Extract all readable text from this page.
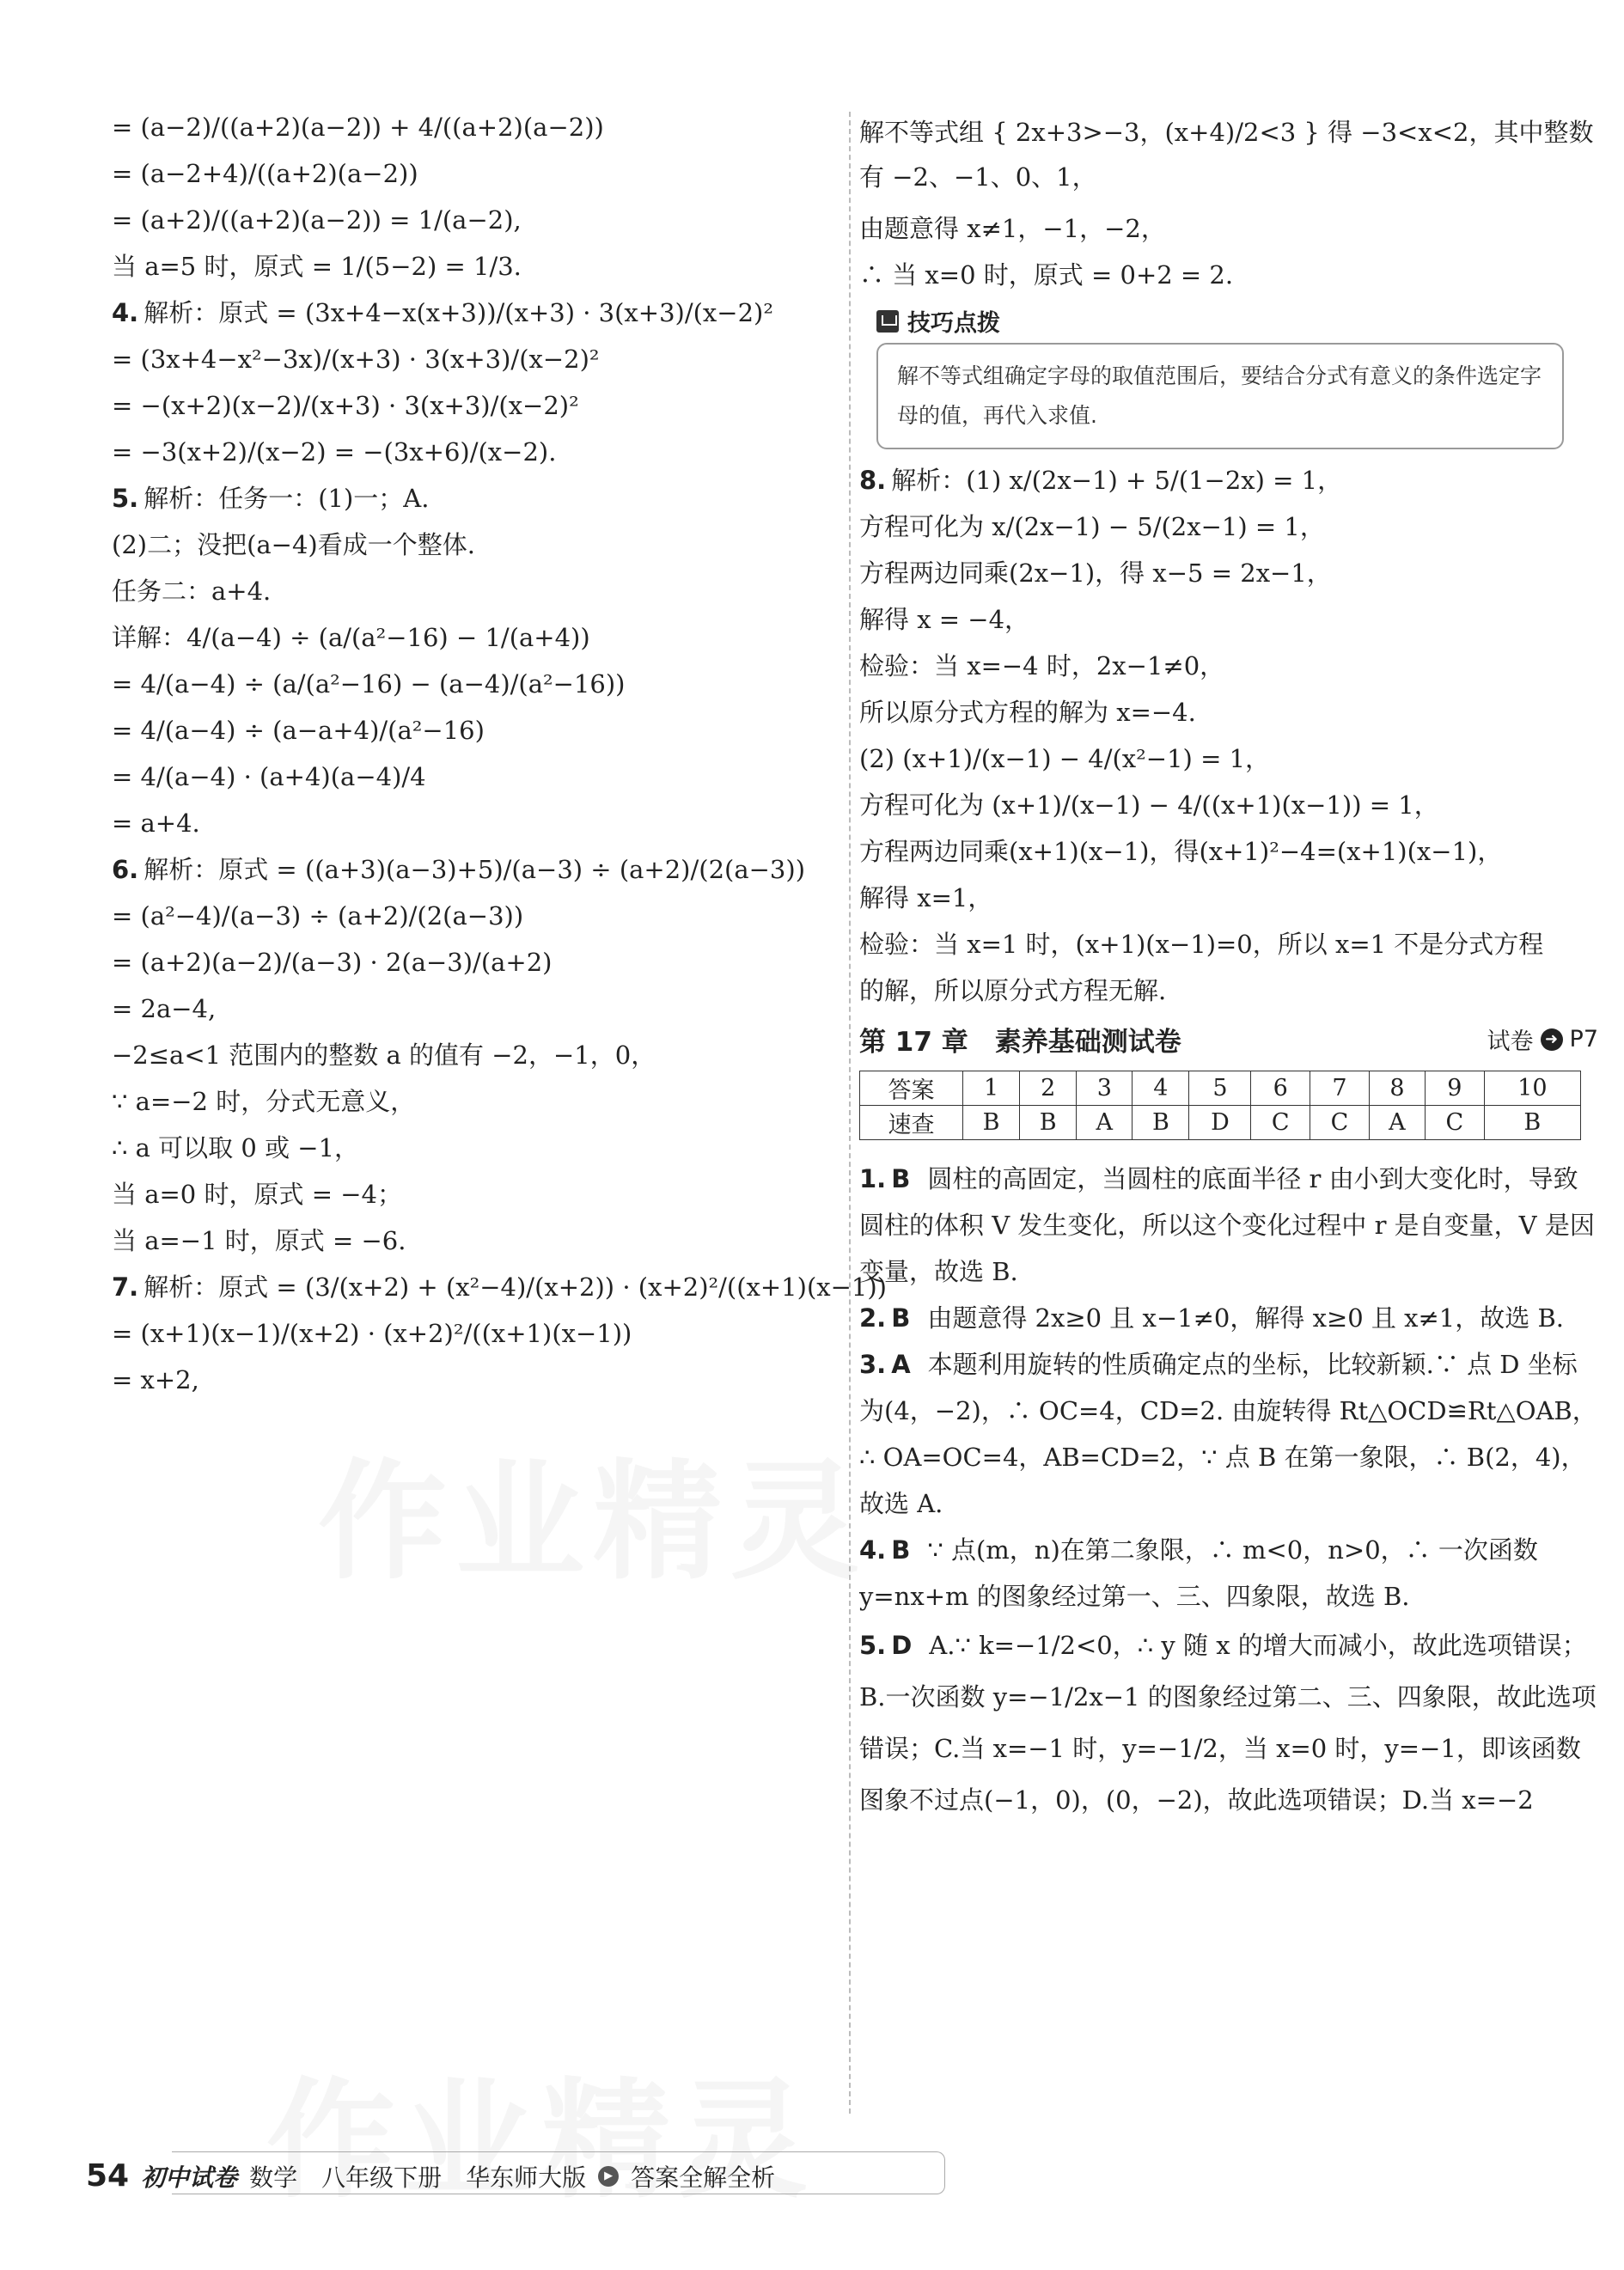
= (a−2)/((a+2)(a−2)) + 4/((a+2)(a−2))
= (a−2+4)/((a+2)(a−2))
= (a+2)/((a+2)(a−2)) = 1/(a−2),
当 a=5 时，原式 = 1/(5−2) = 1/3.
4. 解析：原式 = (3x+4−x(x+3))/(x+3) · 3(x+3)/(x−2)²
= (3x+4−x²−3x)/(x+3) · 3(x+3)/(x−2)²
= −(x+2)(x−2)/(x+3) · 3(x+3)/(x−2)²
= −3(x+2)/(x−2) = −(3x+6)/(x−2).
5. 解析：任务一：(1)一；A.
(2)二；没把(a−4)看成一个整体.
任务二：a+4.
详解：4/(a−4) ÷ (a/(a²−16) − 1/(a+4))
= 4/(a−4) ÷ (a/(a²−16) − (a−4)/(a²−16))
= 4/(a−4) ÷ (a−a+4)/(a²−16)
= 4/(a−4) · (a+4)(a−4)/4
= a+4.
6. 解析：原式 = ((a+3)(a−3)+5)/(a−3) ÷ (a+2)/(2(a−3))
= (a²−4)/(a−3) ÷ (a+2)/(2(a−3))
= (a+2)(a−2)/(a−3) · 2(a−3)/(a+2)
= 2a−4,
−2≤a<1 范围内的整数 a 的值有 −2，−1，0，
∵ a=−2 时，分式无意义，
∴ a 可以取 0 或 −1，
当 a=0 时，原式 = −4；
当 a=−1 时，原式 = −6.
7. 解析：原式 = (3/(x+2) + (x²−4)/(x+2)) · (x+2)²/((x+1)(x−1))
= (x+1)(x−1)/(x+2) · (x+2)²/((x+1)(x−1))
= x+2,
解不等式组 { 2x+3>−3，(x+4)/2<3 } 得 −3<x<2，其中整数有 −2、−1、0、1，
由题意得 x≠1，−1，−2，
∴ 当 x=0 时，原式 = 0+2 = 2.
技巧点拨
解不等式组确定字母的取值范围后，要结合分式有意义的条件选定字母的值，再代入求值.
8. 解析：(1) x/(2x−1) + 5/(1−2x) = 1，
方程可化为 x/(2x−1) − 5/(2x−1) = 1，
方程两边同乘(2x−1)，得 x−5 = 2x−1，
解得 x = −4，
检验：当 x=−4 时，2x−1≠0，
所以原分式方程的解为 x=−4.
(2) (x+1)/(x−1) − 4/(x²−1) = 1，
方程可化为 (x+1)/(x−1) − 4/((x+1)(x−1)) = 1，
方程两边同乘(x+1)(x−1)，得(x+1)²−4=(x+1)(x−1)，
解得 x=1，
检验：当 x=1 时，(x+1)(x−1)=0，所以 x=1 不是分式方程
的解，所以原分式方程无解.
第 17 章　素养基础测试卷	试卷 ➜ P7
答案	1	2	3	4	5	6	7	8	9	10
速查	B	B	A	B	D	C	C	A	C	B
1. B 圆柱的高固定，当圆柱的底面半径 r 由小到大变化时，导致圆柱的体积 V 发生变化，所以这个变化过程中 r 是自变量，V 是因变量，故选 B.
2. B 由题意得 2x≥0 且 x−1≠0，解得 x≥0 且 x≠1，故选 B.
3. A 本题利用旋转的性质确定点的坐标，比较新颖.∵ 点 D 坐标为(4，−2)，∴ OC=4，CD=2. 由旋转得 Rt△OCD≌Rt△OAB，∴ OA=OC=4，AB=CD=2，∵ 点 B 在第一象限，∴ B(2，4)，故选 A.
4. B ∵ 点(m，n)在第二象限，∴ m<0，n>0，∴ 一次函数 y=nx+m 的图象经过第一、三、四象限，故选 B.
5. D A.∵ k=−1/2<0，∴ y 随 x 的增大而减小，故此选项错误；B.一次函数 y=−1/2x−1 的图象经过第二、三、四象限，故此选项错误；C.当 x=−1 时，y=−1/2，当 x=0 时，y=−1，即该函数图象不过点(−1，0)，(0，−2)，故此选项错误；D.当 x=−2
54 初中试卷 数学　八年级下册　华东师大版	▶ 答案全解全析
